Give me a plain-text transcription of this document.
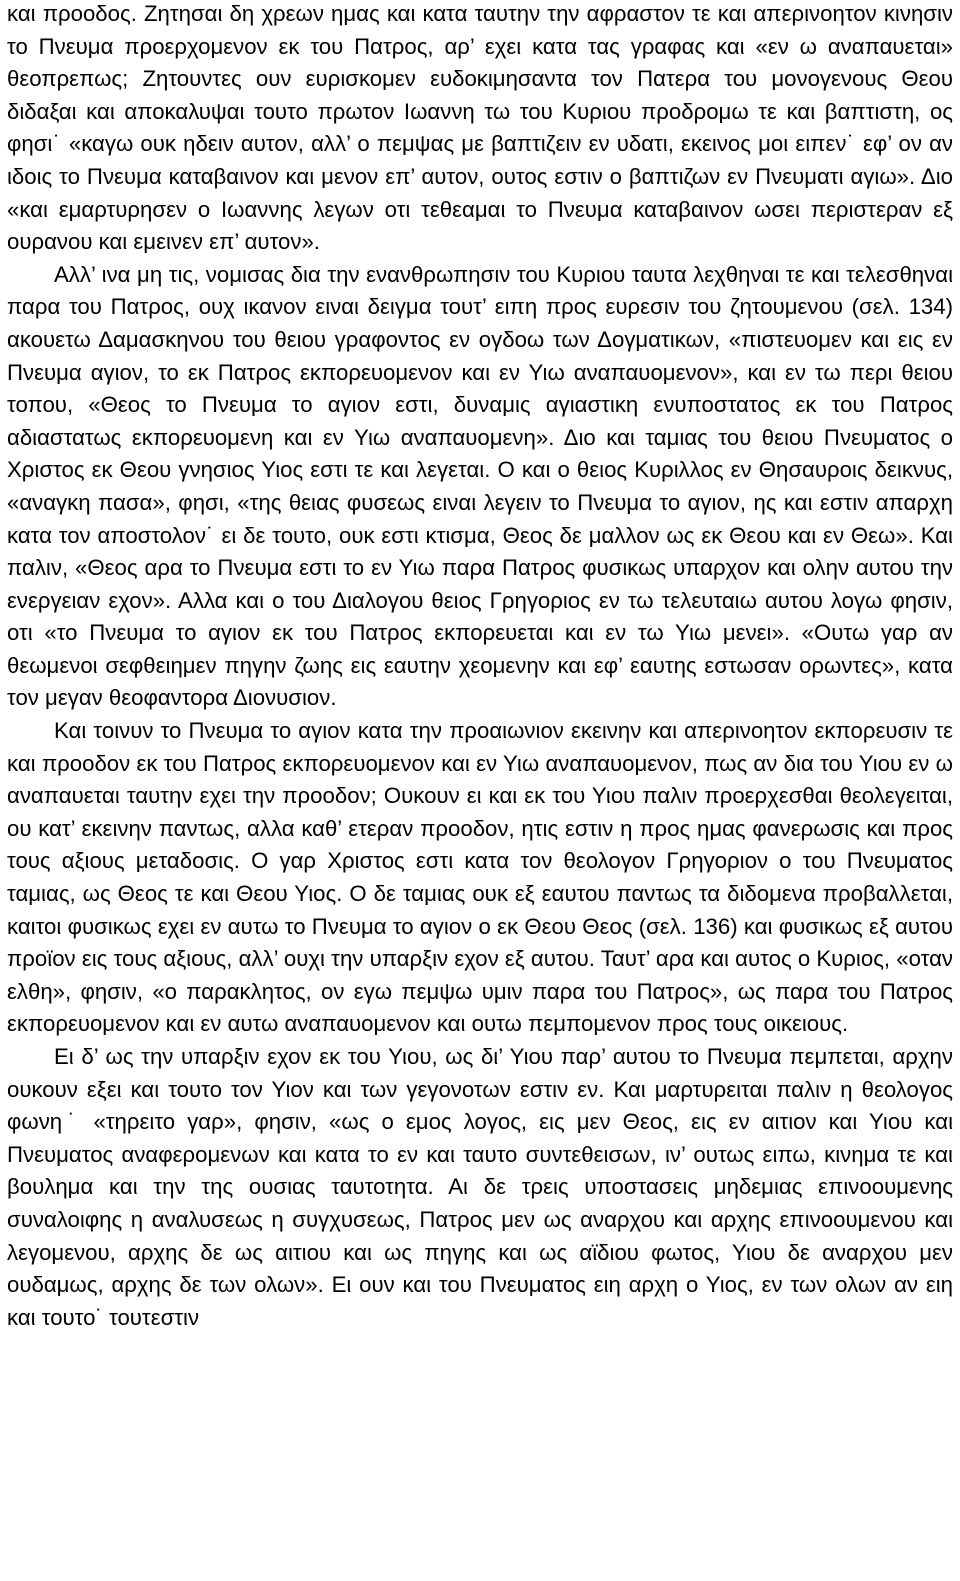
και προοδος. Ζητησαι δη χρεων ημας και κατα ταυτην την αφραστον τε και απερινοητον κινησιν το Πνευμα προερχομενον εκ του Πατρος, αρ’ εχει κατα τας γραφας και «εν ω αναπαυεται» θεοπρεπως; Ζητουντες ουν ευρισκομεν ευδοκιμησαντα τον Πατερα του μονογενους Θεου διδαξαι και αποκαλυψαι τουτο πρωτον Ιωαννη τω του Κυριου προδρομω τε και βαπτιστη, ος φησι˙ «καγω ουκ ηδειν αυτον, αλλ’ ο πεμψας με βαπτιζειν εν υδατι, εκεινος μοι ειπεν˙ εφ’ ον αν ιδοις το Πνευμα καταβαινον και μενον επ’ αυτον, ουτος εστιν ο βαπτιζων εν Πνευματι αγιω». Διο «και εμαρτυρησεν ο Ιωαννης λεγων οτι τεθεαμαι το Πνευμα καταβαινον ωσει περιστεραν εξ ουρανου και εμεινεν επ’ αυτον».

Αλλ’ ινα μη τις, νομισας δια την ενανθρωπησιν του Κυριου ταυτα λεχθηναι τε και τελεσθηναι παρα του Πατρος, ουχ ικανον ειναι δειγμα τουτ’ ειπη προς ευρεσιν του ζητουμενου (σελ. 134) ακουετω Δαμασκηνου του θειου γραφοντος εν ογδοω των Δογματικων, «πιστευομεν και εις εν Πνευμα αγιον, το εκ Πατρος εκπορευομενον και εν Υιω αναπαυομενον», και εν τω περι θειου τοπου, «Θεος το Πνευμα το αγιον εστι, δυναμις αγιαστικη ενυποστατος εκ του Πατρος αδιαστατως εκπορευομενη και εν Υιω αναπαυομενη». Διο και ταμιας του θειου Πνευματος ο Χριστος εκ Θεου γνησιος Υιος εστι τε και λεγεται. Ο και ο θειος Κυριλλος εν Θησαυροις δεικνυς, «αναγκη πασα», φησι, «της θειας φυσεως ειναι λεγειν το Πνευμα το αγιον, ης και εστιν απαρχη κατα τον αποστολον˙ ει δε τουτο, ουκ εστι κτισμα, Θεος δε μαλλον ως εκ Θεου και εν Θεω». Και παλιν, «Θεος αρα το Πνευμα εστι το εν Υιω παρα Πατρος φυσικως υπαρχον και ολην αυτου την ενεργειαν εχον». Αλλα και ο του Διαλογου θειος Γρηγοριος εν τω τελευταιω αυτου λογω φησιν, οτι «το Πνευμα το αγιον εκ του Πατρος εκπορευεται και εν τω Υιω μενει». «Ουτω γαρ αν θεωμενοι σεφθειημεν πηγην ζωης εις εαυτην χεομενην και εφ’ εαυτης εστωσαν ορωντες», κατα τον μεγαν θεοφαντορα Διονυσιον.

Και τοινυν το Πνευμα το αγιον κατα την προαιωνιον εκεινην και απερινοητον εκπορευσιν τε και προοδον εκ του Πατρος εκπορευομενον και εν Υιω αναπαυομενον, πως αν δια του Υιου εν ω αναπαυεται ταυτην εχει την προοδον; Ουκουν ει και εκ του Υιου παλιν προερχεσθαι θεολεγειται, ου κατ’ εκεινην παντως, αλλα καθ’ ετεραν προοδον, ητις εστιν η προς ημας φανερωσις και προς τους αξιους μεταδοσις. Ο γαρ Χριστος εστι κατα τον θεολογον Γρηγοριον ο του Πνευματος ταμιας, ως Θεος τε και Θεου Υιος. Ο δε ταμιας ουκ εξ εαυτου παντως τα διδομενα προβαλλεται, καιτοι φυσικως εχει εν αυτω το Πνευμα το αγιον ο εκ Θεου Θεος (σελ. 136) και φυσικως εξ αυτου προϊον εις τους αξιους, αλλ’ ουχι την υπαρξιν εχον εξ αυτου. Ταυτ’ αρα και αυτος ο Κυριος, «οταν ελθη», φησιν, «ο παρακλητος, ον εγω πεμψω υμιν παρα του Πατρος», ως παρα του Πατρος εκπορευομενον και εν αυτω αναπαυομενον και ουτω πεμπομενον προς τους οικειους.

Ει δ’ ως την υπαρξιν εχον εκ του Υιου, ως δι’ Υιου παρ’ αυτου το Πνευμα πεμπεται, αρχην ουκουν εξει και τουτο τον Υιον και των γεγονοτων εστιν εν. Και μαρτυρειται παλιν η θεολογος φωνη˙ «τηρειτο γαρ», φησιν, «ως ο εμος λογος, εις μεν Θεος, εις εν αιτιον και Υιου και Πνευματος αναφερομενων και κατα το εν και ταυτο συντεθεισων, ιν’ ουτως ειπω, κινημα τε και βουλημα και την της ουσιας ταυτοτητα. Αι δε τρεις υποστασεις μηδεμιας επινοουμενης συναλοιφης η αναλυσεως η συγχυσεως, Πατρος μεν ως αναρχου και αρχης επινοουμενου και λεγομενου, αρχης δε ως αιτιου και ως πηγης και ως αϊδιου φωτος, Υιου δε αναρχου μεν ουδαμως, αρχης δε των ολων». Ει ουν και του Πνευματος ειη αρχη ο Υιος, εν των ολων αν ειη και τουτο˙ τουτεστιν
